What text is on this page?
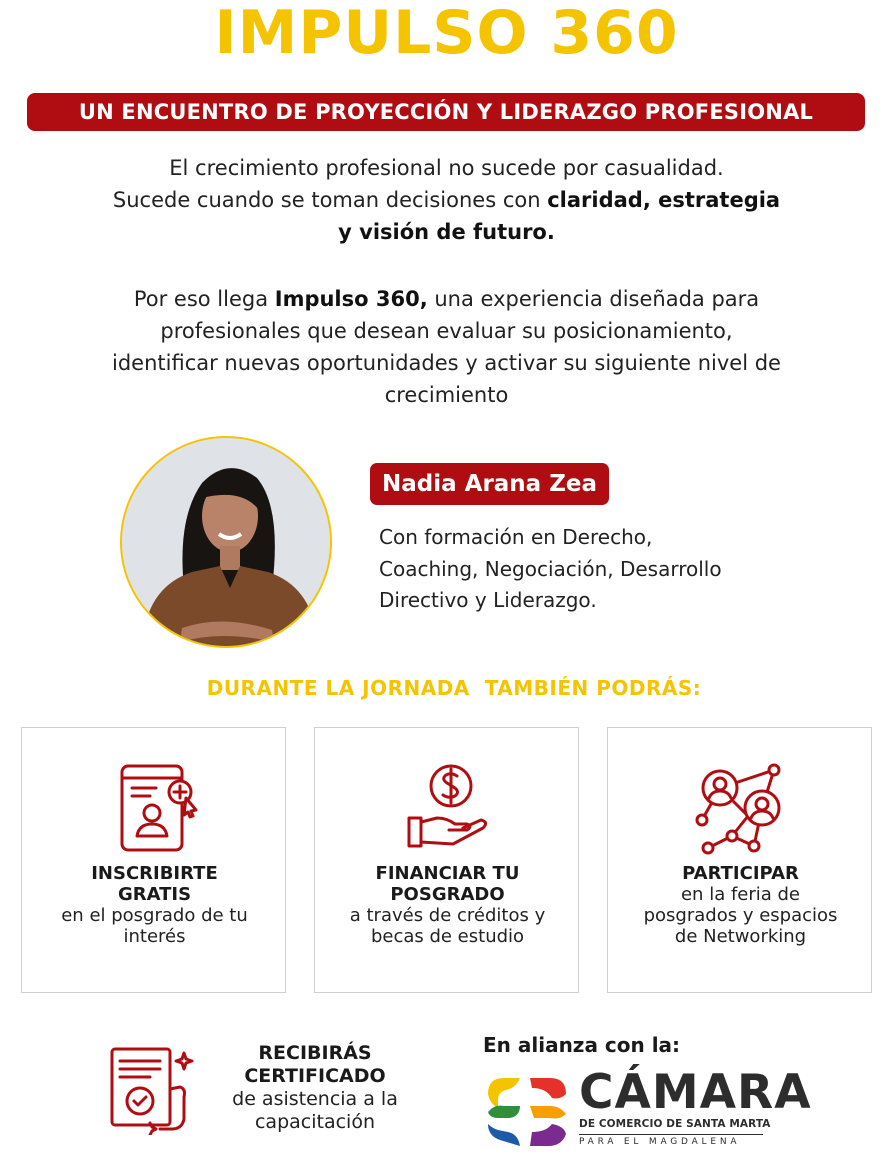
IMPULSO 360
UN ENCUENTRO DE PROYECCIÓN Y LIDERAZGO PROFESIONAL
El crecimiento profesional no sucede por casualidad.
Sucede cuando se toman decisiones con claridad, estrategia
y visión de futuro.
Por eso llega Impulso 360, una experiencia diseñada para
profesionales que desean evaluar su posicionamiento,
identificar nuevas oportunidades y activar su siguiente nivel de
crecimiento
Nadia Arana Zea
Con formación en Derecho,
Coaching, Negociación, Desarrollo
Directivo y Liderazgo.
DURANTE LA JORNADA  TAMBIÉN PODRÁS:
INSCRIBIRTE
GRATIS
en el posgrado de tu
interés
FINANCIAR TU
POSGRADO
a través de créditos y
becas de estudio
PARTICIPAR
en la feria de
posgrados y espacios
de Networking
RECIBIRÁS
CERTIFICADO
de asistencia a la
capacitación
En alianza con la:
CÁMARA
DE COMERCIO DE SANTA MARTA
PARA EL MAGDALENA
